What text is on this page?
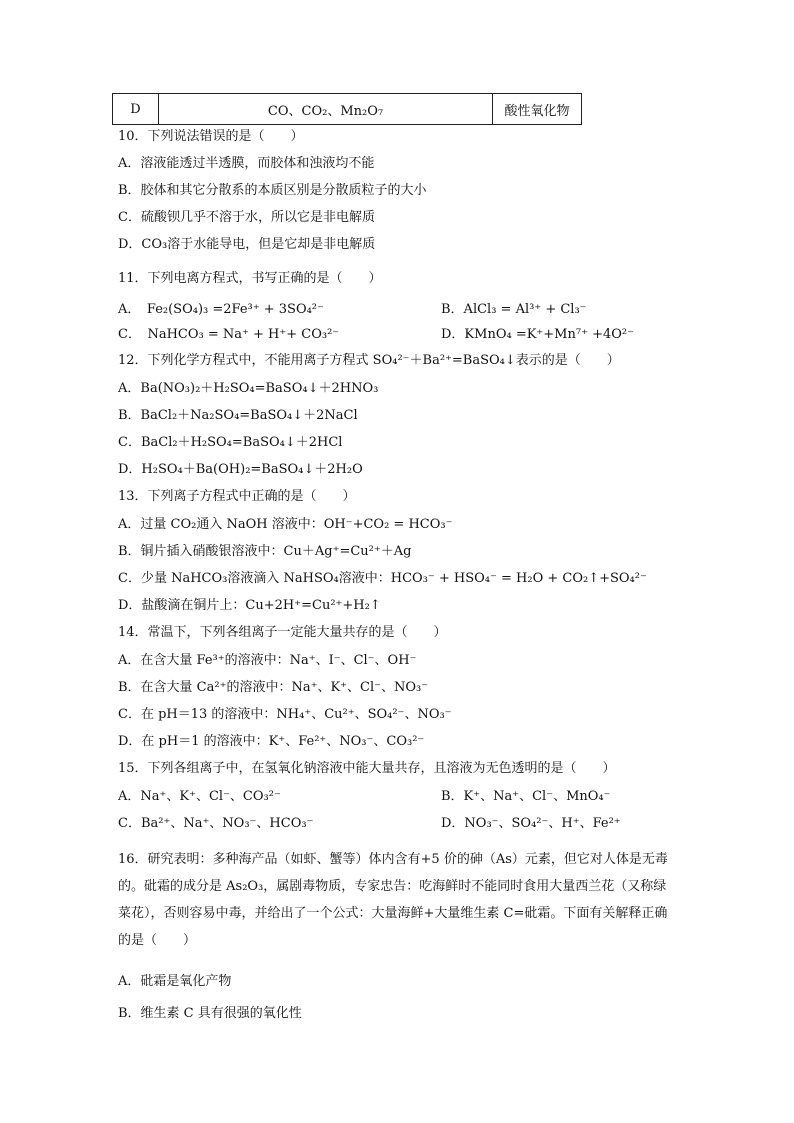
D	CO、CO₂、Mn₂O₇	酸性氧化物
10．下列说法错误的是（　　）
A．溶液能透过半透膜，而胶体和浊液均不能
B．胶体和其它分散系的本质区别是分散质粒子的大小
C．硫酸钡几乎不溶于水，所以它是非电解质
D．CO₃溶于水能导电，但是它却是非电解质
11．下列电离方程式，书写正确的是（　　）
A．　Fe₂(SO₄)₃ =2Fe³⁺ + 3SO₄²⁻	B．AlCl₃ = Al³⁺ + Cl₃⁻
C．　NaHCO₃ = Na⁺ + H⁺+ CO₃²⁻	D．KMnO₄ =K⁺+Mn⁷⁺ +4O²⁻
12．下列化学方程式中，不能用离子方程式 SO₄²⁻＋Ba²⁺=BaSO₄↓表示的是（　　）
A．Ba(NO₃)₂＋H₂SO₄=BaSO₄↓＋2HNO₃
B．BaCl₂＋Na₂SO₄=BaSO₄↓＋2NaCl
C．BaCl₂＋H₂SO₄=BaSO₄↓＋2HCl
D．H₂SO₄＋Ba(OH)₂=BaSO₄↓＋2H₂O
13．下列离子方程式中正确的是（　　）
A．过量 CO₂通入 NaOH 溶液中：OH⁻+CO₂ = HCO₃⁻
B．铜片插入硝酸银溶液中：Cu＋Ag⁺=Cu²⁺＋Ag
C．少量 NaHCO₃溶液滴入 NaHSO₄溶液中：HCO₃⁻ + HSO₄⁻ = H₂O + CO₂↑+SO₄²⁻
D．盐酸滴在铜片上：Cu+2H⁺=Cu²⁺+H₂↑
14．常温下，下列各组离子一定能大量共存的是（　　）
A．在含大量 Fe³⁺的溶液中：Na⁺、I⁻、Cl⁻、OH⁻
B．在含大量 Ca²⁺的溶液中：Na⁺、K⁺、Cl⁻、NO₃⁻
C．在 pH＝13 的溶液中：NH₄⁺、Cu²⁺、SO₄²⁻、NO₃⁻
D．在 pH＝1 的溶液中：K⁺、Fe²⁺、NO₃⁻、CO₃²⁻
15．下列各组离子中，在氢氧化钠溶液中能大量共存，且溶液为无色透明的是（　　）
A．Na⁺、K⁺、Cl⁻、CO₃²⁻	B．K⁺、Na⁺、Cl⁻、MnO₄⁻
C．Ba²⁺、Na⁺、NO₃⁻、HCO₃⁻	D．NO₃⁻、SO₄²⁻、H⁺、Fe²⁺
16．研究表明：多种海产品（如虾、蟹等）体内含有+5 价的砷（As）元素，但它对人体是无毒的。砒霜的成分是 As₂O₃，属剧毒物质，专家忠告：吃海鲜时不能同时食用大量西兰花（又称绿菜花），否则容易中毒，并给出了一个公式：大量海鲜+大量维生素 C=砒霜。下面有关解释正确的是（　　）
A．砒霜是氧化产物
B．维生素 C 具有很强的氧化性
